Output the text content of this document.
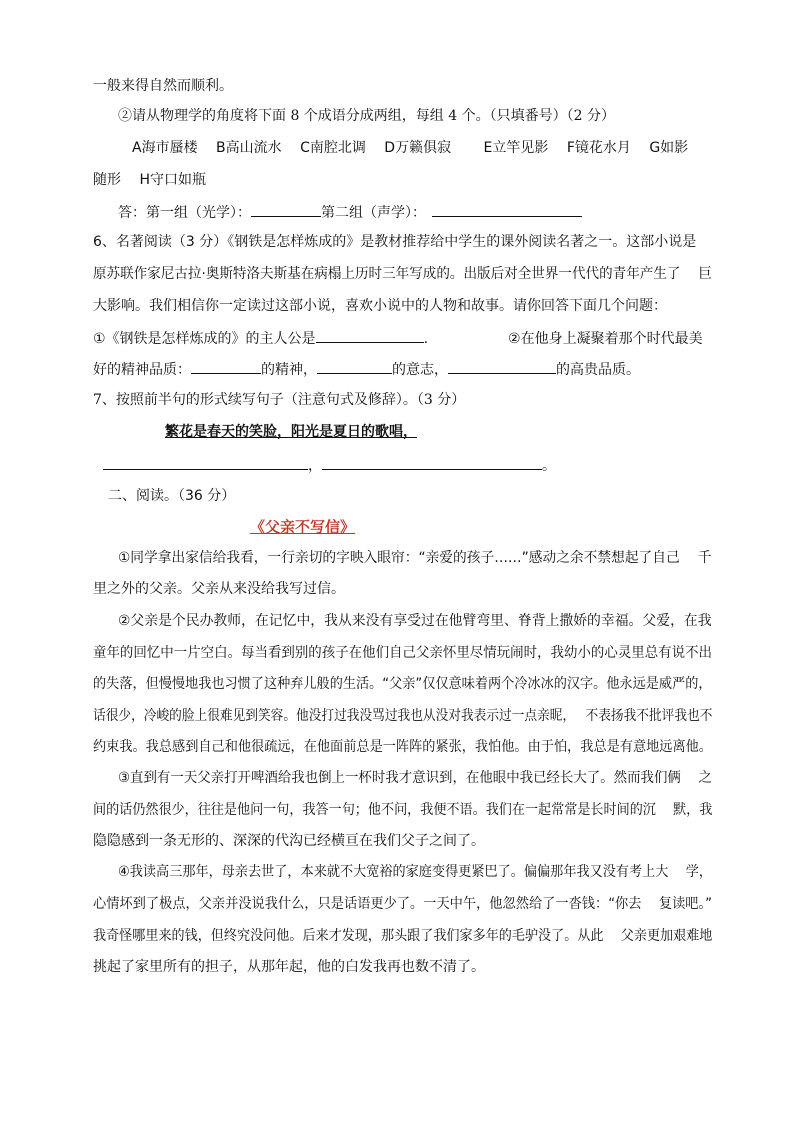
一般来得自然而顺利。
②请从物理学的角度将下面 8 个成语分成两组，每组 4 个。（只填番号）（2 分）
A海市蜃楼　 B高山流水　 C南腔北调　 D万籁俱寂　　 E立竿见影　 F镜花水月　 G如影
随形　 H守口如瓶
答：第一组（光学）：	第二组（声学）：
6、名著阅读（3 分）《钢铁是怎样炼成的》是教材推荐给中学生的课外阅读名著之一。这部小说是
原苏联作家尼古拉·奥斯特洛夫斯基在病榻上历时三年写成的。出版后对全世界一代代的青年产生了　 巨
大影响。我们相信你一定读过这部小说，喜欢小说中的人物和故事。请你回答下面几个问题：
①《钢铁是怎样炼成的》的主人公是	.	②在他身上凝聚着那个时代最美
好的精神品质：	的精神，	的意志，	的高贵品质。
7、按照前半句的形式续写句子（注意句式及修辞）。（3 分）
繁花是春天的笑脸，阳光是夏日的歌唱，
，	。
二、阅读。（36 分）
《父亲不写信》
①同学拿出家信给我看，一行亲切的字映入眼帘：“亲爱的孩子……”感动之余不禁想起了自己　 千
里之外的父亲。父亲从来没给我写过信。
②父亲是个民办教师，在记忆中，我从来没有享受过在他臂弯里、脊背上撒娇的幸福。父爱，在我
童年的回忆中一片空白。每当看到别的孩子在他们自己父亲怀里尽情玩闹时，我幼小的心灵里总有说不出
的失落，但慢慢地我也习惯了这种弃儿般的生活。“父亲”仅仅意味着两个冷冰冰的汉字。他永远是威严的，
话很少，冷峻的脸上很难见到笑容。他没打过我没骂过我也从没对我表示过一点亲昵，　 不表扬我不批评我也不
约束我。我总感到自己和他很疏远，在他面前总是一阵阵的紧张，我怕他。由于怕，我总是有意地远离他。
③直到有一天父亲打开啤酒给我也倒上一杯时我才意识到，在他眼中我已经长大了。然而我们俩　 之
间的话仍然很少，往往是他问一句，我答一句；他不问，我便不语。我们在一起常常是长时间的沉　 默，我
隐隐感到一条无形的、深深的代沟已经横亘在我们父子之间了。
④我读高三那年，母亲去世了，本来就不大宽裕的家庭变得更紧巴了。偏偏那年我又没有考上大　 学，
心情坏到了极点，父亲并没说我什么，只是话语更少了。一天中午，他忽然给了一沓钱：“你去　 复读吧。”
我奇怪哪里来的钱，但终究没问他。后来才发现，那头跟了我们家多年的毛驴没了。从此　 父亲更加艰难地
挑起了家里所有的担子，从那年起，他的白发我再也数不清了。
